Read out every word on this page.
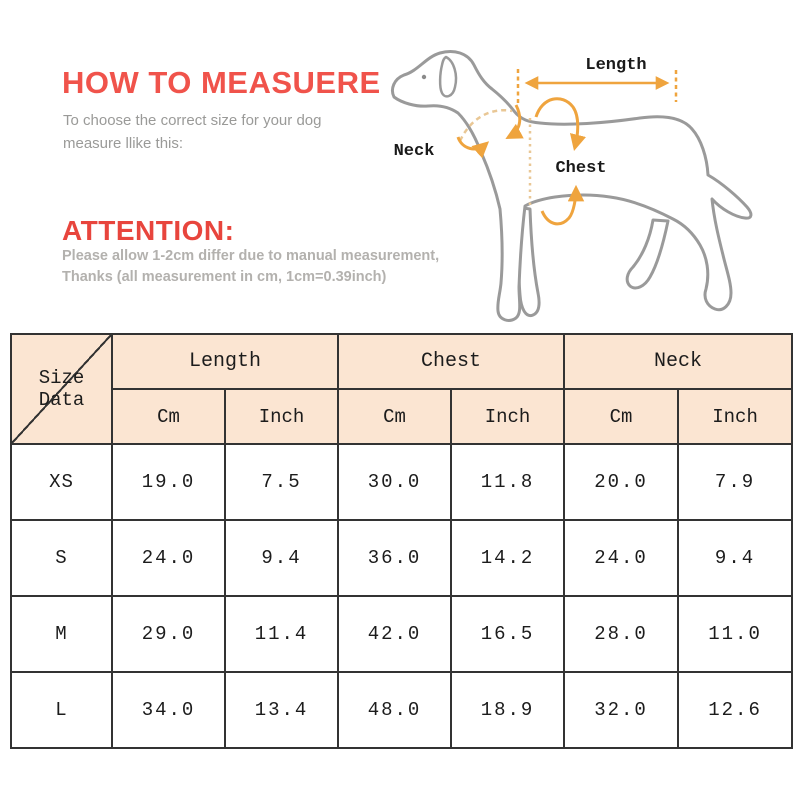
HOW TO MEASUERE

To choose the correct size for your dog
measure llike this:

ATTENTION:

Please allow 1-2cm differ due to manual measurement,
Thanks (all measurement in cm, 1cm=0.39inch)

Length
Neck
Chest
Size Data	Length		Chest		Neck	
	Cm	Inch	Cm	Inch	Cm	Inch
XS	19.0	7.5	30.0	11.8	20.0	7.9
S	24.0	9.4	36.0	14.2	24.0	9.4
M	29.0	11.4	42.0	16.5	28.0	11.0
L	34.0	13.4	48.0	18.9	32.0	12.6
